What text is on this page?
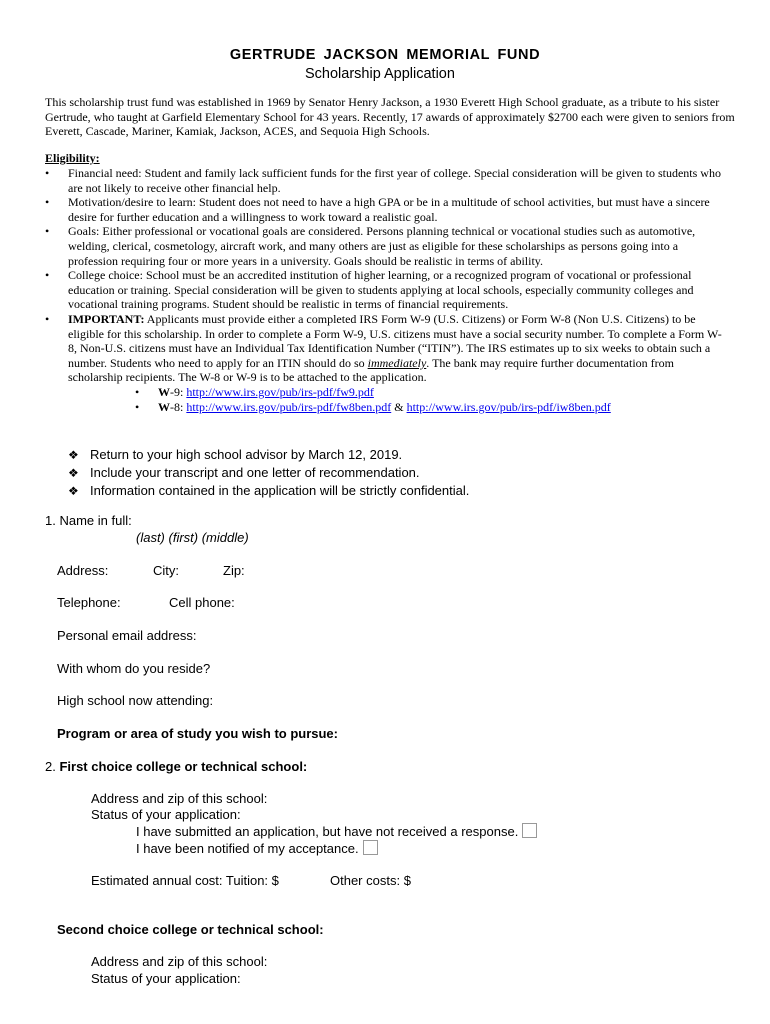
GERTRUDE JACKSON MEMORIAL FUND
Scholarship Application
This scholarship trust fund was established in 1969 by Senator Henry Jackson, a 1930 Everett High School graduate, as a tribute to his sister Gertrude, who taught at Garfield Elementary School for 43 years. Recently, 17 awards of approximately $2700 each were given to seniors from Everett, Cascade, Mariner, Kamiak, Jackson, ACES, and Sequoia High Schools.
Eligibility:
• Financial need: Student and family lack sufficient funds for the first year of college. Special consideration will be given to students who are not likely to receive other financial help.
• Motivation/desire to learn: Student does not need to have a high GPA or be in a multitude of school activities, but must have a sincere desire for further education and a willingness to work toward a realistic goal.
• Goals: Either professional or vocational goals are considered. Persons planning technical or vocational studies such as automotive, welding, clerical, cosmetology, aircraft work, and many others are just as eligible for these scholarships as persons going into a profession requiring four or more years in a university. Goals should be realistic in terms of ability.
• College choice: School must be an accredited institution of higher learning, or a recognized program of vocational or professional education or training. Special consideration will be given to students applying at local schools, especially community colleges and vocational training programs. Student should be realistic in terms of financial requirements.
• IMPORTANT: Applicants must provide either a completed IRS Form W-9 (U.S. Citizens) or Form W-8 (Non U.S. Citizens) to be eligible for this scholarship. In order to complete a Form W-9, U.S. citizens must have a social security number. To complete a Form W-8, Non-U.S. citizens must have an Individual Tax Identification Number (“ITIN”). The IRS estimates up to six weeks to obtain such a number. Students who need to apply for an ITIN should do so immediately. The bank may require further documentation from scholarship recipients. The W-8 or W-9 is to be attached to the application.
• W-9: http://www.irs.gov/pub/irs-pdf/fw9.pdf
• W-8: http://www.irs.gov/pub/irs-pdf/fw8ben.pdf & http://www.irs.gov/pub/irs-pdf/iw8ben.pdf
❖ Return to your high school advisor by March 12, 2019.
❖ Include your transcript and one letter of recommendation.
❖ Information contained in the application will be strictly confidential.
1. Name in full:
(last) (first) (middle)
Address:	City:	Zip:
Telephone:	Cell phone:
Personal email address:
With whom do you reside?
High school now attending:
Program or area of study you wish to pursue:
2. First choice college or technical school:
Address and zip of this school:
Status of your application:
I have submitted an application, but have not received a response.
I have been notified of my acceptance.
Estimated annual cost: Tuition: $	Other costs: $
Second choice college or technical school:
Address and zip of this school:
Status of your application:
